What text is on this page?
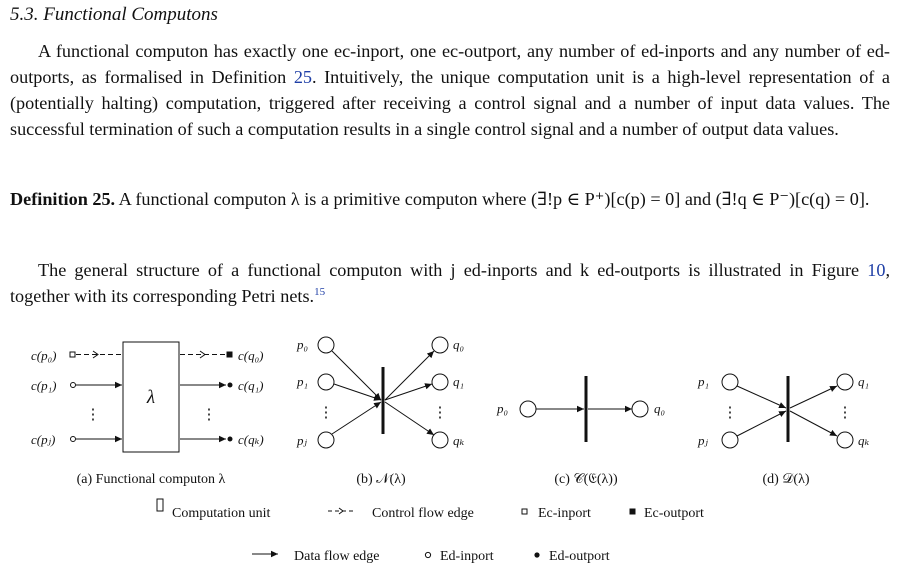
5.3. Functional Computons
A functional computon has exactly one ec-inport, one ec-outport, any number of ed-inports and any number of ed-outports, as formalised in Definition 25. Intuitively, the unique computation unit is a high-level representation of a (potentially halting) computation, triggered after receiving a control signal and a number of input data values. The successful termination of such a computation results in a single control signal and a number of output data values.
Definition 25. A functional computon λ is a primitive computon where (∃!p ∈ P⁺)[c(p) = 0] and (∃!q ∈ P⁻)[c(q) = 0].
The general structure of a functional computon with j ed-inports and k ed-outports is illustrated in Figure 10, together with its corresponding Petri nets.$^{15}$
λ
c(p₀)
c(p₁)
c(pⱼ)
⋮	⋮
c(q₀)
c(q₁)
c(qₖ)
(a) Functional computon λ
p₀
p₁
pⱼ
⋮	⋮
q₀
q₁
qₖ
(b) 𝒩(λ)
p₀	q₀
(c) 𝒞(𝔈(λ))
p₁
pⱼ
⋮	⋮
q₁
qₖ
(d) 𝒟(λ)
Computation unit	Control flow edge	Ec-inport	Ec-outport
Data flow edge	Ed-inport	Ed-outport
